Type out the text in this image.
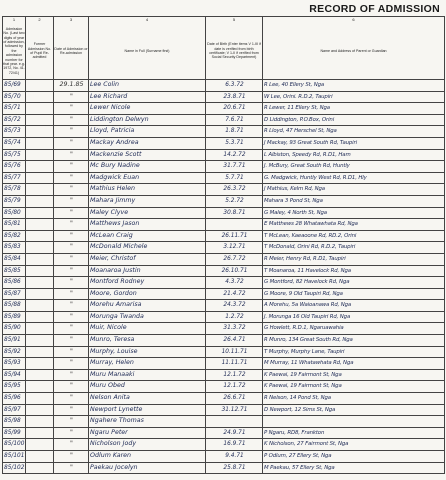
RECORD OF ADMISSION
1	2	3	4	5	6
Admission No. (Last two digits of year of admission, followed by the admission number for that year. e.g. 1972, No. 41. 72/41)	Former Admission No. of Pupil Re-admitted	Date of Admission or Re-admission	Name in Full (Surname first)	Date of Birth (Enter items V 1-III if date is verified from birth certificate; V 1-II if verified from Social Security Department)	Name and Address of Parent or Guardian
85/69		29.1.85	Lee Colin	6.3.72	R Lee, 40 Ellery St, Nga
85/70		"	Lee Richard	23.8.71	W Lee, Orini. R.D.2, Taupiri
85/71		"	Lewer Nicole	20.6.71	R Lewer, 11 Ellery St, Nga
85/72		"	Liddington Delwyn	7.6.71	D Liddington, P.O.Box, Orini
85/73		"	Lloyd, Patricia	1.8.71	R Lloyd, 47 Herschel St, Nga
85/74		"	Mackay Andrea	5.3.71	J Mackay, 93 Great South Rd, Taupiri
85/75		"	Mackenzie Scott	14.2.72	L Albiston, Speedy Rd, R.D1, Ham
85/76		"	Mc Bury Nadine	31.7.71	J. McBury, Great South Rd, Huntly
85/77		"	Madgwick Euan	5.7.71	G. Madgwick, Huntly West Rd, R.D1, Hly
85/78		"	Mathius Helen	26.3.72	J Mathius, Kelm Rd, Nga
85/79		"	Mahara Jimmy	5.2.72	Mahara 3 Pond St, Nga
85/80		"	Maley Clyve	30.8.71	G Maley, 4 North St, Nga
85/81		"	Matthews Jason		E Matthews 28 Whatawhata Rd, Nga
85/82		"	McLean Craig	26.11.71	T McLean, Kaeaoone Rd, RD.2, Orini
85/83		"	McDonald Michele	3.12.71	T McDonald, Orini Rd, R.D.2, Taupiri
85/84		"	Meier, Christof	26.7.72	R Meier, Henry Rd, R.D1, Taupiri
85/85		"	Moanaroa Justin	26.10.71	T Moanaroa, 11 Havelock Rd, Nga
85/86		"	Montford Rodney	4.3.72	G Montford, 82 Havelock Rd, Nga
85/87		"	Moore, Gordon	21.4.72	G Moore, 9 Old Taupiri Rd, Nga
85/88		"	Morehu Amarisa	24.3.72	A Morehu, 5a Waioanawa Rd, Nga
85/89		"	Morunga Twanda	1.2.72	J. Morunga 16 Old Taupiri Rd, Nga
85/90		"	Muir, Nicole	31.3.72	G Howlett, R.D.1, Ngaruawahia
85/91		"	Munro, Teresa	26.4.71	R Munro, 134 Great South Rd, Nga
85/92		"	Murphy, Louise	10.11.71	T Murphy, Murphy Lane, Taupiri
85/93		"	Murray, Helen	11.11.71	M Murray, 11 Whatawhata Rd, Nga
85/94		"	Muru Manaaki	12.1.72	K Paewai, 19 Fairmont St, Nga
85/95		"	Muru Obed	12.1.72	K Paewai, 19 Fairmont St, Nga
85/96		"	Nelson Anita	26.6.71	R Nelson, 14 Pond St, Nga
85/97		"	Newport Lynette	31.12.71	D Newport, 12 Sims St, Nga
85/98		"	Ngahere Thomas		
85/99		"	Ngaru Peter	24.9.71	P Ngaru, RD8, Frankton
85/100		"	Nicholson Jody	16.9.71	K Nicholson, 27 Fairmont St, Nga
85/101		"	Odlum Karen	9.4.71	P Odlum, 27 Ellery St, Nga
85/102		"	Paekau Jocelyn	25.8.71	M Paekau, 57 Ellery St, Nga
